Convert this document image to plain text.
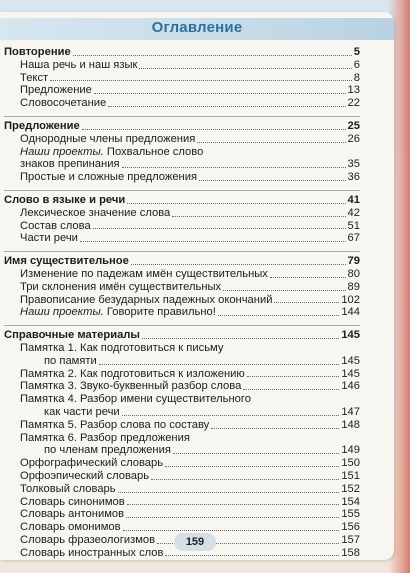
Оглавление
Повторение	5
Наша речь и наш язык	6
Текст	8
Предложение	13
Словосочетание	22
Предложение	25
Однородные члены предложения	26
Наши проекты. Похвальное слово
знаков препинания	35
Простые и сложные предложения	36
Слово в языке и речи	41
Лексическое значение слова	42
Состав слова	51
Части речи	67
Имя существительное	79
Изменение по падежам имён существительных	80
Три склонения имён существительных	89
Правописание безударных падежных окончаний	102
Наши проекты. Говорите правильно!	144
Справочные материалы	145
Памятка 1. Как подготовиться к письму
по памяти	145
Памятка 2. Как подготовиться к изложению	145
Памятка 3. Звуко-буквенный разбор слова	146
Памятка 4. Разбор имени существительного
как части речи	147
Памятка 5. Разбор слова по составу	148
Памятка 6. Разбор предложения
по членам предложения	149
Орфографический словарь	150
Орфоэпический словарь	151
Толковый словарь	152
Словарь синонимов	154
Словарь антонимов	155
Словарь омонимов	156
Словарь фразеологизмов	157
Словарь иностранных слов	158
159
